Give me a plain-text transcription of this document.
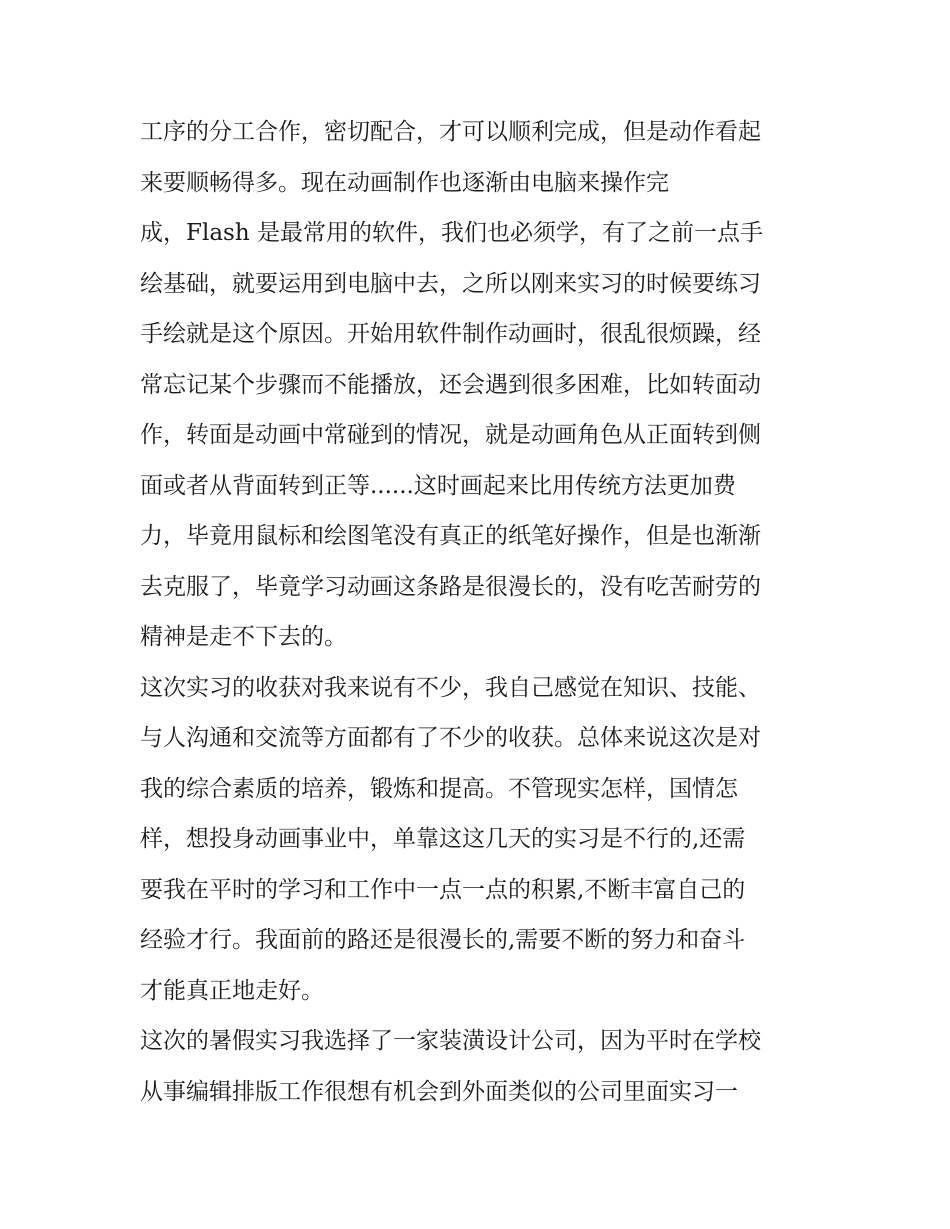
工序的分工合作，密切配合，才可以顺利完成，但是动作看起
来要顺畅得多。现在动画制作也逐渐由电脑来操作完
成，Flash 是最常用的软件，我们也必须学，有了之前一点手
绘基础，就要运用到电脑中去，之所以刚来实习的时候要练习
手绘就是这个原因。开始用软件制作动画时，很乱很烦躁，经
常忘记某个步骤而不能播放，还会遇到很多困难，比如转面动
作，转面是动画中常碰到的情况，就是动画角色从正面转到侧
面或者从背面转到正等......这时画起来比用传统方法更加费
力，毕竟用鼠标和绘图笔没有真正的纸笔好操作，但是也渐渐
去克服了，毕竟学习动画这条路是很漫长的，没有吃苦耐劳的
精神是走不下去的。
这次实习的收获对我来说有不少，我自己感觉在知识、技能、
与人沟通和交流等方面都有了不少的收获。总体来说这次是对
我的综合素质的培养，锻炼和提高。不管现实怎样，国情怎
样，想投身动画事业中，单靠这这几天的实习是不行的,还需
要我在平时的学习和工作中一点一点的积累,不断丰富自己的
经验才行。我面前的路还是很漫长的,需要不断的努力和奋斗
才能真正地走好。
这次的暑假实习我选择了一家装潢设计公司，因为平时在学校
从事编辑排版工作很想有机会到外面类似的公司里面实习一
